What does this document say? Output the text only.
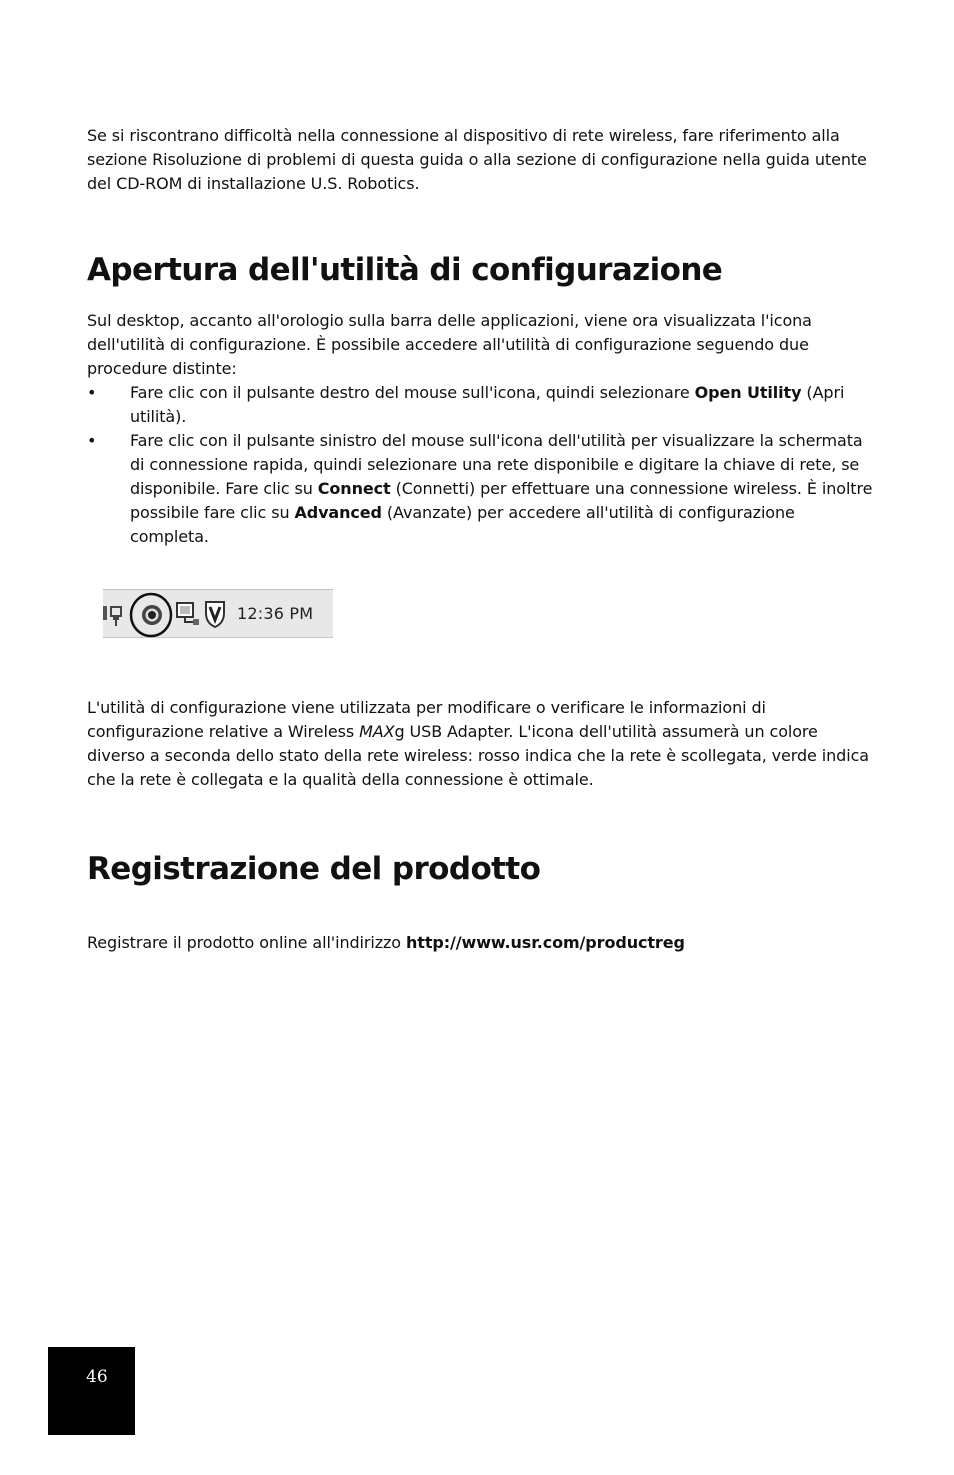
Se si riscontrano difficoltà nella connessione al dispositivo di rete wireless, fare riferimento alla sezione Risoluzione di problemi di questa guida o alla sezione di configurazione nella guida utente del CD-ROM di installazione U.S. Robotics.

Apertura dell'utilità di configurazione

Sul desktop, accanto all'orologio sulla barra delle applicazioni, viene ora visualizzata l'icona dell'utilità di configurazione. È possibile accedere all'utilità di configurazione seguendo due procedure distinte:

• Fare clic con il pulsante destro del mouse sull'icona, quindi selezionare Open Utility (Apri utilità).
• Fare clic con il pulsante sinistro del mouse sull'icona dell'utilità per visualizzare la schermata di connessione rapida, quindi selezionare una rete disponibile e digitare la chiave di rete, se disponibile. Fare clic su Connect (Connetti) per effettuare una connessione wireless. È inoltre possibile fare clic su Advanced (Avanzate) per accedere all'utilità di configurazione completa.
12:36 PM

L'utilità di configurazione viene utilizzata per modificare o verificare le informazioni di configurazione relative a Wireless MAXg USB Adapter. L'icona dell'utilità assumerà un colore diverso a seconda dello stato della rete wireless: rosso indica che la rete è scollegata, verde indica che la rete è collegata e la qualità della connessione è ottimale.

Registrazione del prodotto

Registrare il prodotto online all'indirizzo http://www.usr.com/productreg

46
